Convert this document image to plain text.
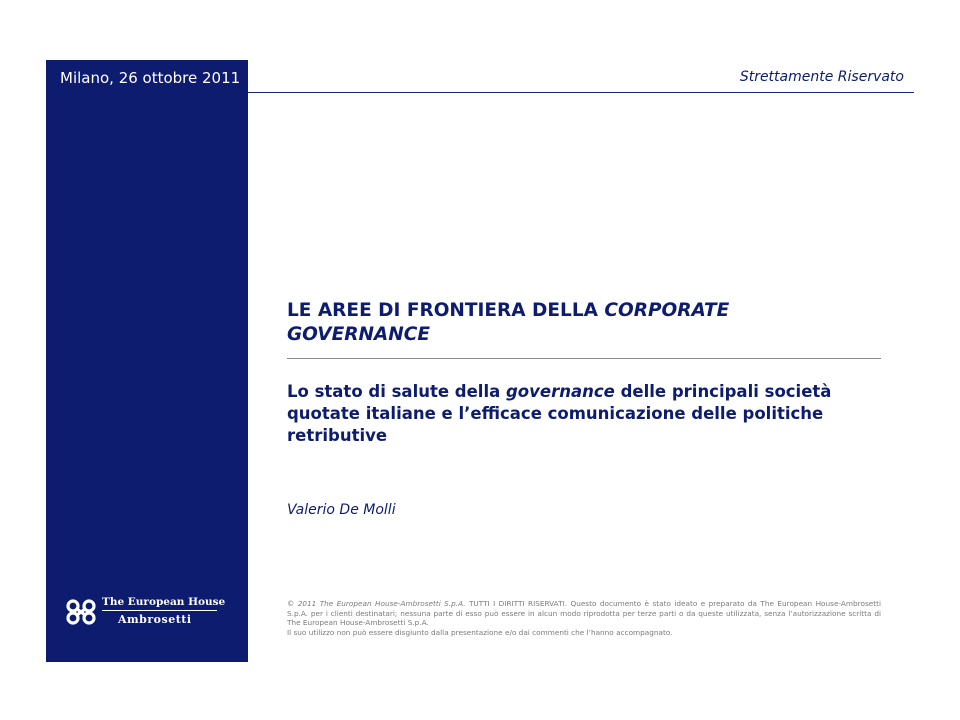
Milano, 26 ottobre 2011	Strettamente Riservato
LE AREE DI FRONTIERA DELLA CORPORATE GOVERNANCE
Lo stato di salute della governance delle principali società quotate italiane e l’efficace comunicazione delle politiche retributive
Valerio De Molli

© 2011 The European House-Ambrosetti S.p.A. TUTTI I DIRITTI RISERVATI. Questo documento è stato ideato e preparato da The European House-Ambrosetti S.p.A. per i clienti destinatari; nessuna parte di esso può essere in alcun modo riprodotta per terze parti o da queste utilizzata, senza l’autorizzazione scritta di The European House-Ambrosetti S.p.A.
Il suo utilizzo non può essere disgiunto dalla presentazione e/o dai commenti che l’hanno accompagnato.

The European House
Ambrosetti
